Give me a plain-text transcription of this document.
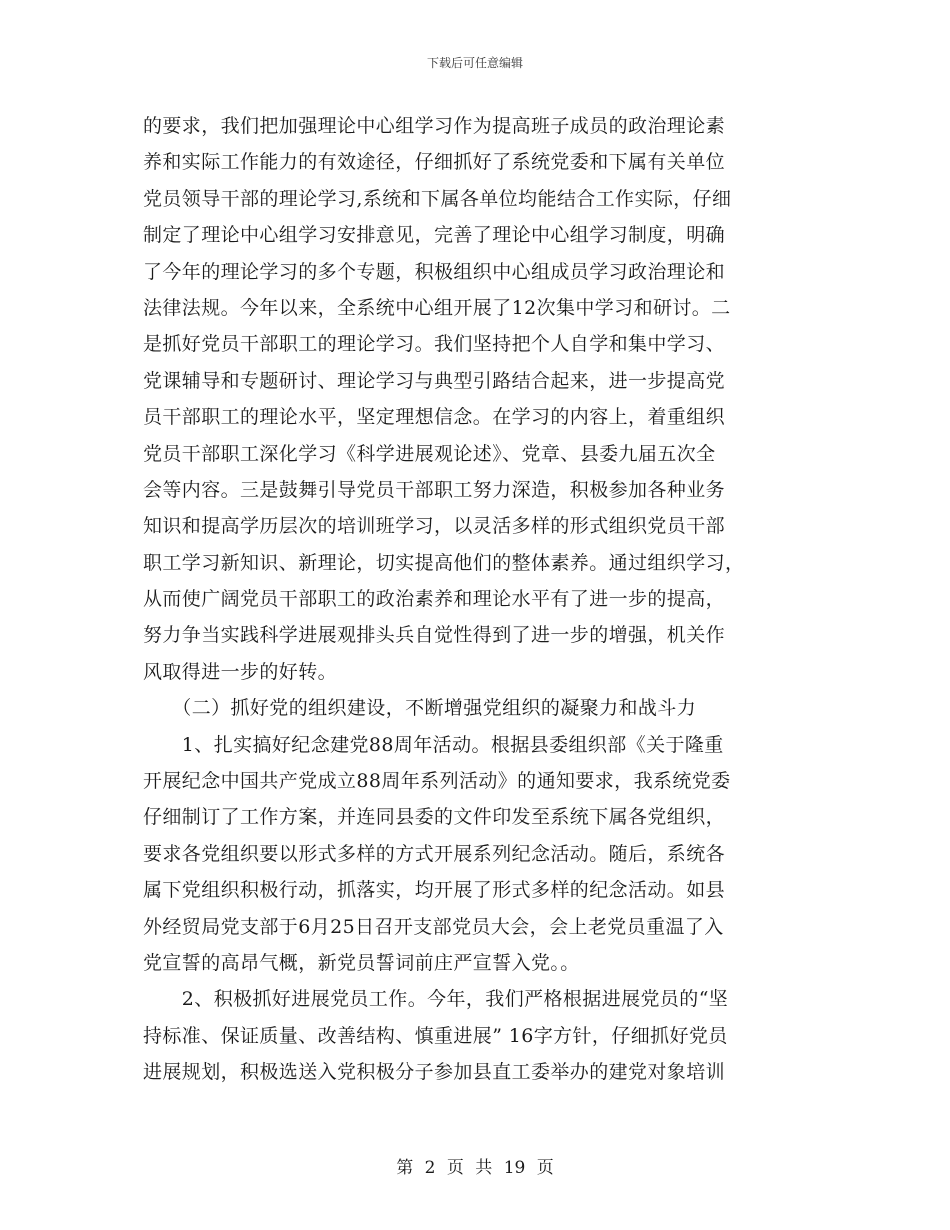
下载后可任意编辑
的要求，我们把加强理论中心组学习作为提高班子成员的政治理论素
养和实际工作能力的有效途径，仔细抓好了系统党委和下属有关单位
党员领导干部的理论学习,系统和下属各单位均能结合工作实际，仔细
制定了理论中心组学习安排意见，完善了理论中心组学习制度，明确
了今年的理论学习的多个专题，积极组织中心组成员学习政治理论和
法律法规。今年以来，全系统中心组开展了12次集中学习和研讨。二
是抓好党员干部职工的理论学习。我们坚持把个人自学和集中学习、
党课辅导和专题研讨、理论学习与典型引路结合起来，进一步提高党
员干部职工的理论水平，坚定理想信念。在学习的内容上，着重组织
党员干部职工深化学习《科学进展观论述》、党章、县委九届五次全
会等内容。三是鼓舞引导党员干部职工努力深造，积极参加各种业务
知识和提高学历层次的培训班学习，以灵活多样的形式组织党员干部
职工学习新知识、新理论，切实提高他们的整体素养。通过组织学习，
从而使广阔党员干部职工的政治素养和理论水平有了进一步的提高，
努力争当实践科学进展观排头兵自觉性得到了进一步的增强，机关作
风取得进一步的好转。
　　（二）抓好党的组织建设，不断增强党组织的凝聚力和战斗力
　　1、扎实搞好纪念建党88周年活动。根据县委组织部《关于隆重
开展纪念中国共产党成立88周年系列活动》的通知要求，我系统党委
仔细制订了工作方案，并连同县委的文件印发至系统下属各党组织，
要求各党组织要以形式多样的方式开展系列纪念活动。随后，系统各
属下党组织积极行动，抓落实，均开展了形式多样的纪念活动。如县
外经贸局党支部于6月25日召开支部党员大会，会上老党员重温了入
党宣誓的高昂气概，新党员誓词前庄严宣誓入党。。
　　2、积极抓好进展党员工作。今年，我们严格根据进展党员的“坚
持标准、保证质量、改善结构、慎重进展” 16字方针，仔细抓好党员
进展规划，积极选送入党积极分子参加县直工委举办的建党对象培训
第 2 页 共 19 页
